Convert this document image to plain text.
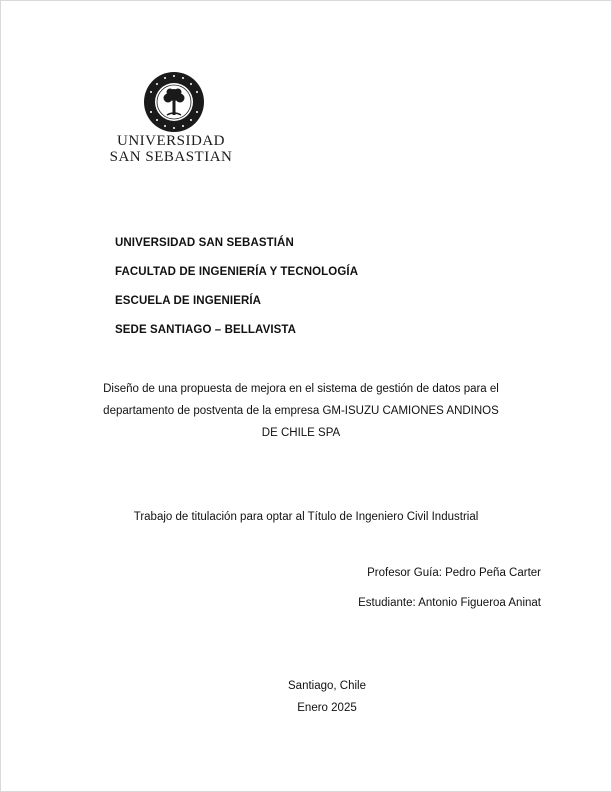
UNIVERSIDAD
SAN SEBASTIAN
UNIVERSIDAD SAN SEBASTIÁN
FACULTAD DE INGENIERÍA Y TECNOLOGÍA
ESCUELA DE INGENIERÍA
SEDE SANTIAGO – BELLAVISTA
Diseño de una propuesta de mejora en el sistema de gestión de datos para el
departamento de postventa de la empresa GM-ISUZU CAMIONES ANDINOS
DE CHILE SPA
Trabajo de titulación para optar al Título de Ingeniero Civil Industrial
Profesor Guía: Pedro Peña Carter
Estudiante: Antonio Figueroa Aninat
Santiago, Chile
Enero 2025
